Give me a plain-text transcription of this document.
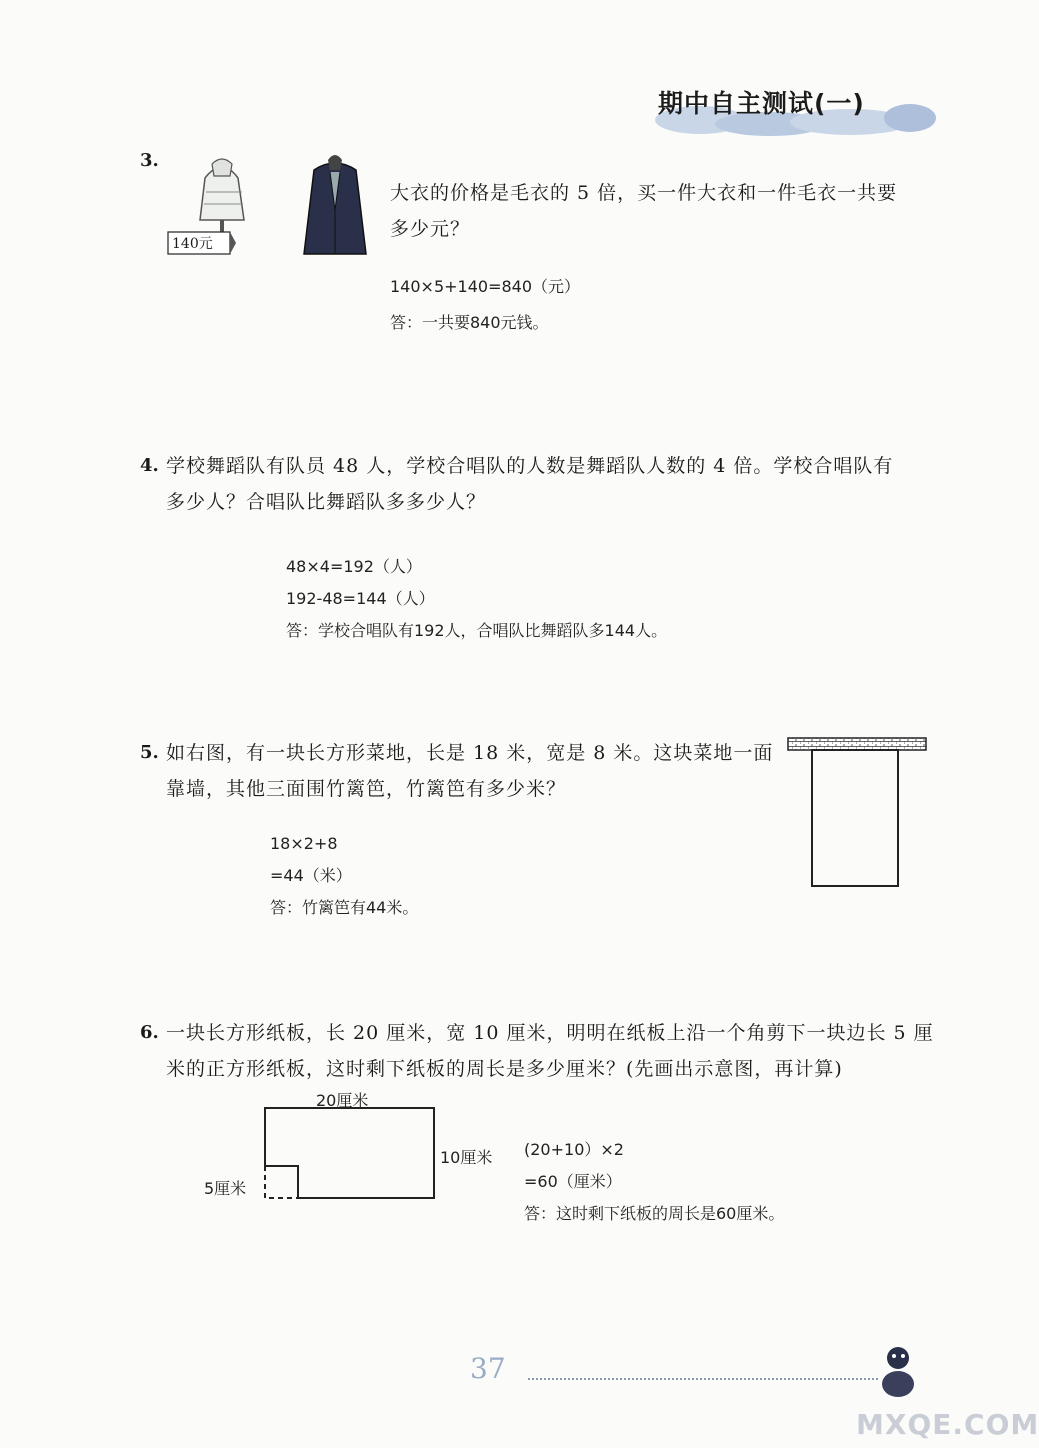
期中自主测试(一)
3.
140元
大衣的价格是毛衣的 5 倍，买一件大衣和一件毛衣一共要
多少元？
140×5+140=840（元）
答：一共要840元钱。
4. 学校舞蹈队有队员 48 人，学校合唱队的人数是舞蹈队人数的 4 倍。学校合唱队有
多少人？合唱队比舞蹈队多多少人？
48×4=192（人）
192-48=144（人）
答：学校合唱队有192人，合唱队比舞蹈队多144人。
5. 如右图，有一块长方形菜地，长是 18 米，宽是 8 米。这块菜地一面
靠墙，其他三面围竹篱笆，竹篱笆有多少米？
18×2+8
=44（米）
答：竹篱笆有44米。
6. 一块长方形纸板，长 20 厘米，宽 10 厘米，明明在纸板上沿一个角剪下一块边长 5 厘
米的正方形纸板，这时剩下纸板的周长是多少厘米？(先画出示意图，再计算)
20厘米
10厘米
5厘米
(20+10）×2
=60（厘米）
答：这时剩下纸板的周长是60厘米。
37
MXQE.COM
